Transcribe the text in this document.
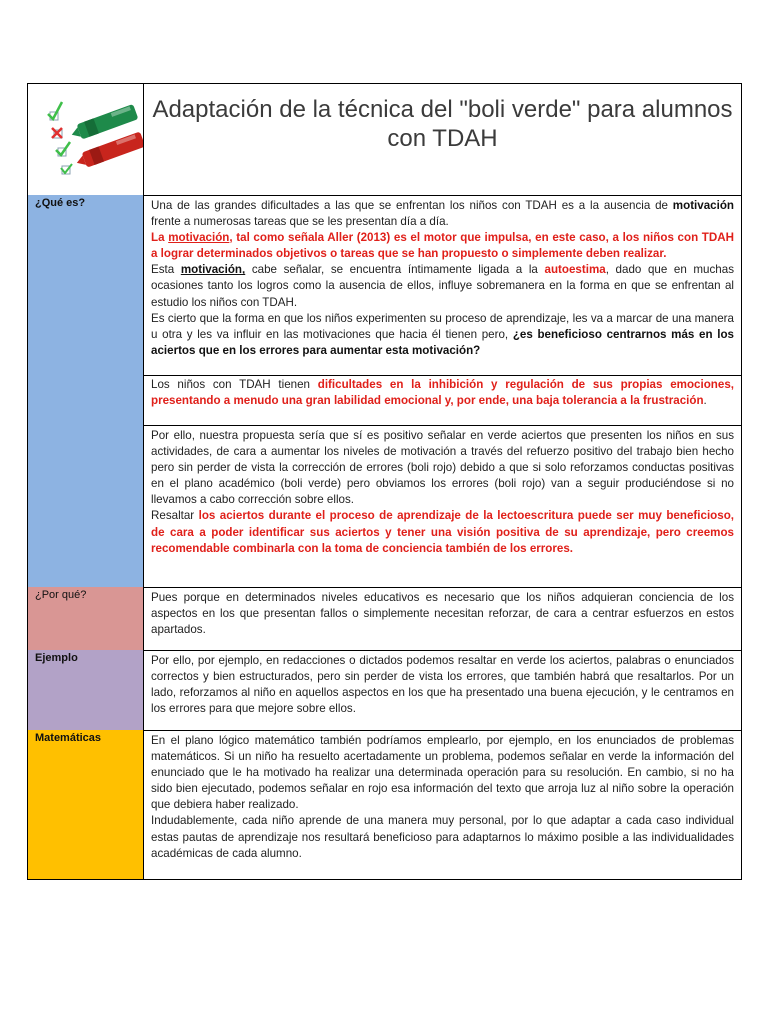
Adaptación de la técnica del "boli verde" para alumnos con TDAH
¿Qué es?	Una de las grandes dificultades a las que se enfrentan los niños con TDAH es a la ausencia de motivación frente a numerosas tareas que se les presentan día a día.

La motivación, tal como señala Aller (2013) es el motor que impulsa, en este caso, a los niños con TDAH a lograr determinados objetivos o tareas que se han propuesto o simplemente deben realizar.

Esta motivación, cabe señalar, se encuentra íntimamente ligada a la autoestima, dado que en muchas ocasiones tanto los logros como la ausencia de ellos, influye sobremanera en la forma en que se enfrentan al estudio los niños con TDAH.

Es cierto que la forma en que los niños experimenten su proceso de aprendizaje, les va a marcar de una manera u otra y les va influir en las motivaciones que hacia él tienen pero, ¿es beneficioso centrarnos más en los aciertos que en los errores para aumentar esta motivación?

Los niños con TDAH tienen dificultades en la inhibición y regulación de sus propias emociones, presentando a menudo una gran labilidad emocional y, por ende, una baja tolerancia a la frustración.

Por ello, nuestra propuesta sería que sí es positivo señalar en verde aciertos que presenten los niños en sus actividades, de cara a aumentar los niveles de motivación a través del refuerzo positivo del trabajo bien hecho pero sin perder de vista la corrección de errores (boli rojo) debido a que si solo reforzamos conductas positivas en el plano académico (boli verde) pero obviamos los errores (boli rojo) van a seguir produciéndose si no llevamos a cabo corrección sobre ellos.

Resaltar los aciertos durante el proceso de aprendizaje de la lectoescritura puede ser muy beneficioso, de cara a poder identificar sus aciertos y tener una visión positiva de su aprendizaje, pero creemos recomendable combinarla con la toma de conciencia también de los errores.

¿Por qué?	Pues porque en determinados niveles educativos es necesario que los niños adquieran conciencia de los aspectos en los que presentan fallos o simplemente necesitan reforzar, de cara a centrar esfuerzos en estos apartados.
Ejemplo	Por ello, por ejemplo, en redacciones o dictados podemos resaltar en verde los aciertos, palabras o enunciados correctos y bien estructurados, pero sin perder de vista los errores, que también habrá que resaltarlos. Por un lado, reforzamos al niño en aquellos aspectos en los que ha presentado una buena ejecución, y le centramos en los errores para que mejore sobre ellos.
Matemáticas	En el plano lógico matemático también podríamos emplearlo, por ejemplo, en los enunciados de problemas matemáticos. Si un niño ha resuelto acertadamente un problema, podemos señalar en verde la información del enunciado que le ha motivado ha realizar una determinada operación para su resolución. En cambio, si no ha sido bien ejecutado, podemos señalar en rojo esa información del texto que arroja luz al niño sobre la operación que debiera haber realizado.

Indudablemente, cada niño aprende de una manera muy personal, por lo que adaptar a cada caso individual estas pautas de aprendizaje nos resultará beneficioso para adaptarnos lo máximo posible a las individualidades académicas de cada alumno.
